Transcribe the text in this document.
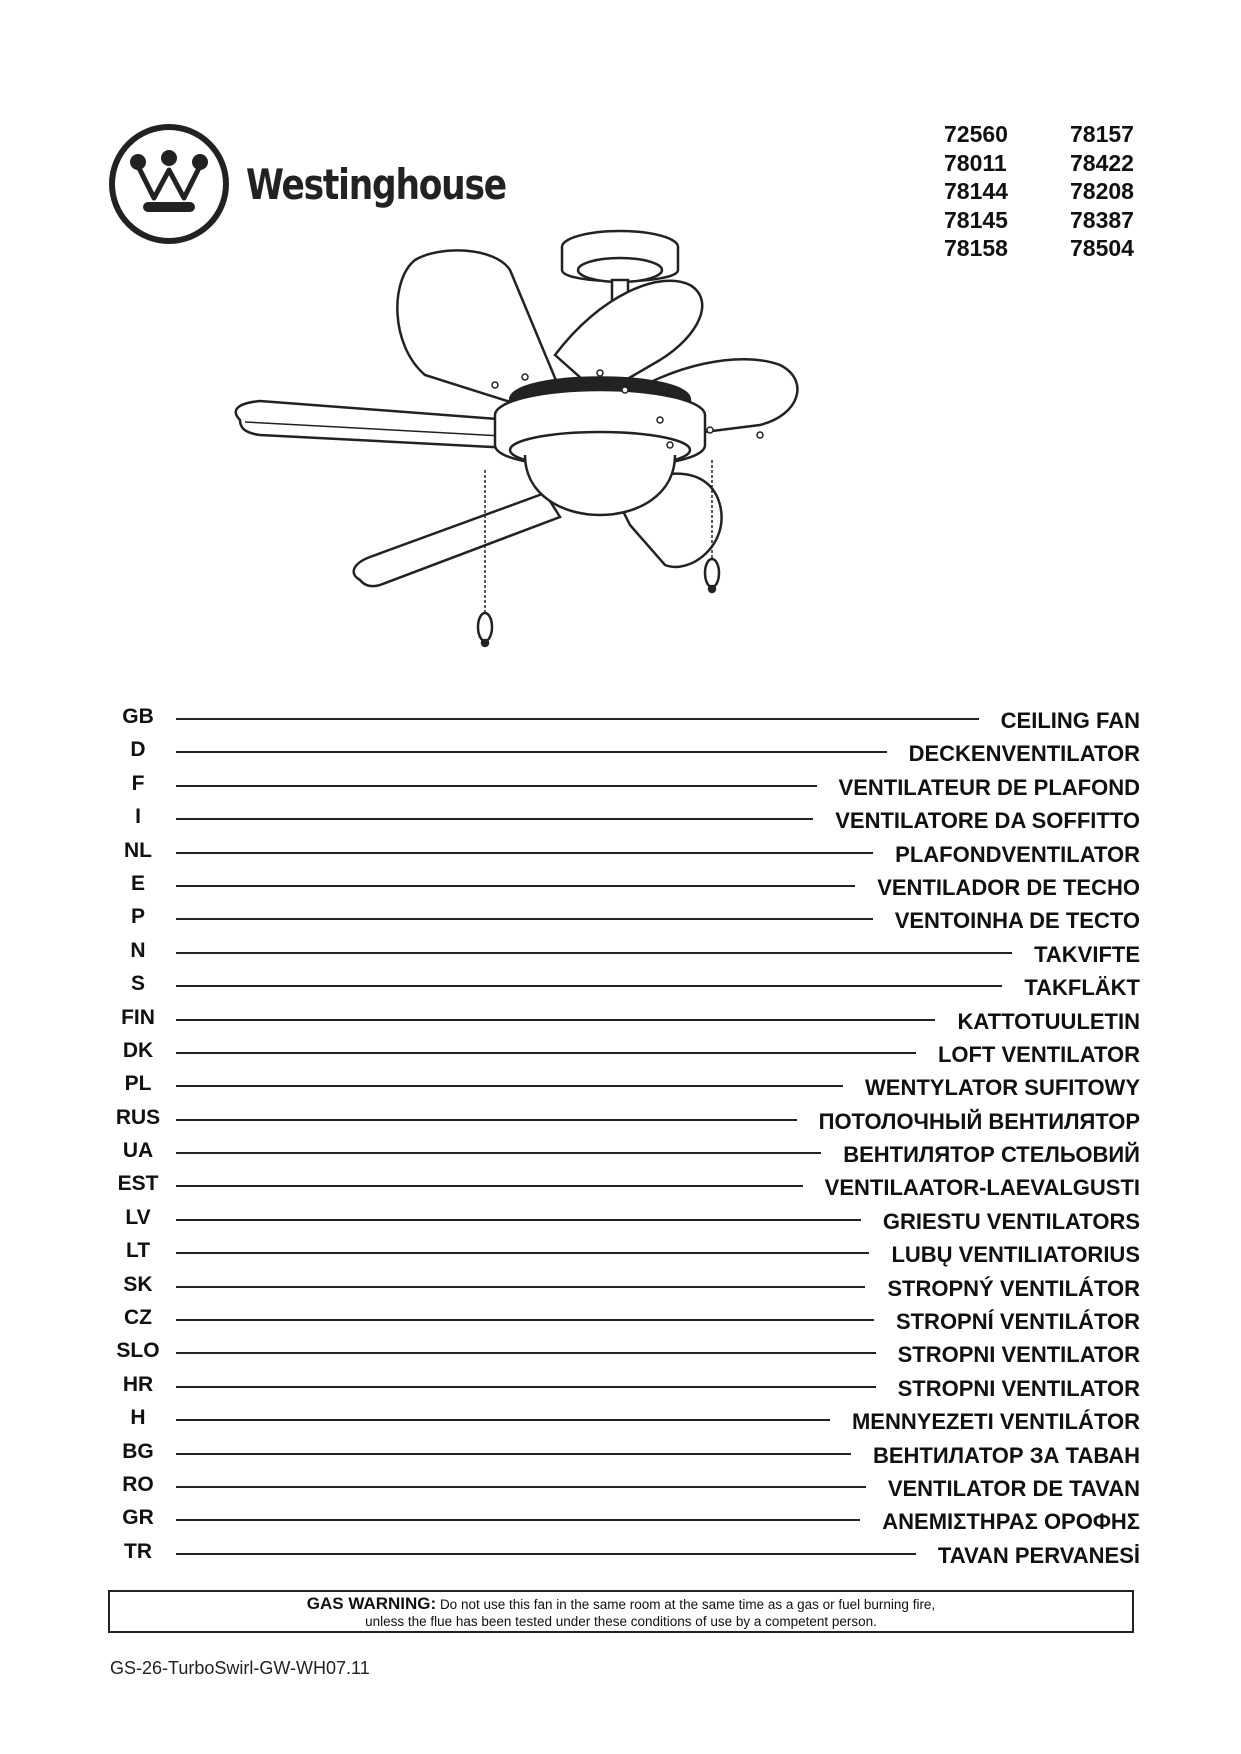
Westinghouse
72560	78157
78011	78422
78144	78208
78145	78387
78158	78504
GB	CEILING FAN
D	DECKENVENTILATOR
F	VENTILATEUR DE PLAFOND
I	VENTILATORE DA SOFFITTO
NL	PLAFONDVENTILATOR
E	VENTILADOR DE TECHO
P	VENTOINHA DE TECTO
N	TAKVIFTE
S	TAKFLÄKT
FIN	KATTOTUULETIN
DK	LOFT VENTILATOR
PL	WENTYLATOR SUFITOWY
RUS	ПОТОЛОЧНЫЙ ВЕНТИЛЯТОР
UA	ВЕНТИЛЯТОР СТЕЛЬОВИЙ
EST	VENTILAATOR-LAEVALGUSTI
LV	GRIESTU VENTILATORS
LT	LUBŲ VENTILIATORIUS
SK	STROPNÝ VENTILÁTOR
CZ	STROPNÍ VENTILÁTOR
SLO	STROPNI VENTILATOR
HR	STROPNI VENTILATOR
H	MENNYEZETI VENTILÁTOR
BG	ВЕНТИЛАТОР ЗА ТАВАН
RO	VENTILATOR DE TAVAN
GR	ΑΝΕΜΙΣΤΗΡΑΣ ΟΡΟΦΗΣ
TR	TAVAN PERVANESİ
GAS WARNING: Do not use this fan in the same room at the same time as a gas or fuel burning fire,
unless the flue has been tested under these conditions of use by a competent person.
GS-26-TurboSwirl-GW-WH07.11
